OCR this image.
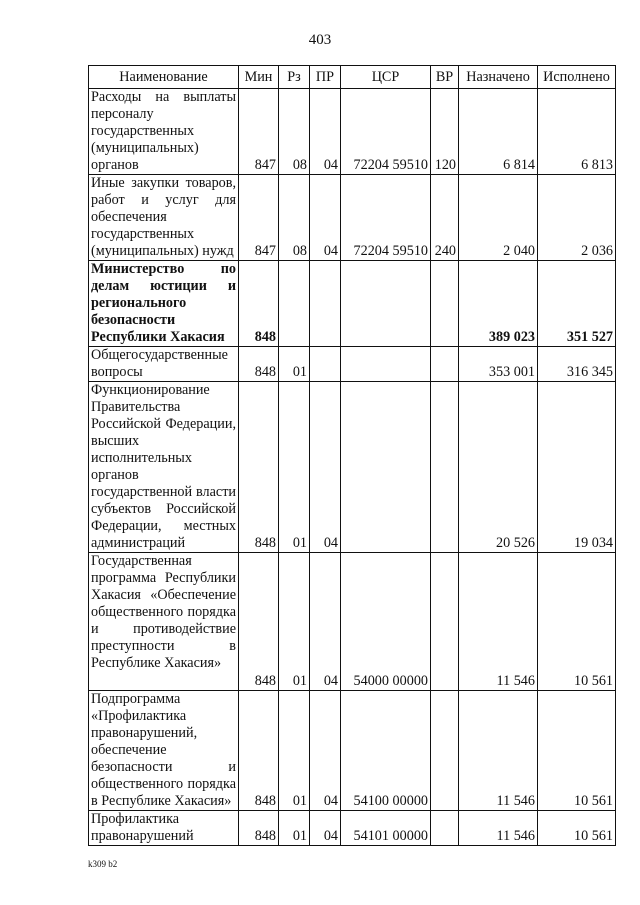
403
Наименование	Мин	Рз	ПР	ЦСР	ВР	Назначено	Исполнено
Расходы на выплаты персоналу государственных (муниципальных) органов	847	08	04	72204 59510	120	6 814	6 813
Иные закупки товаров, работ и услуг для обеспечения государственных (муниципальных) нужд	847	08	04	72204 59510	240	2 040	2 036
Министерство по делам юстиции и регионального безопасности Республики Хакасия	848					389 023	351 527
Общегосударственные вопросы	848	01				353 001	316 345
Функционирование Правительства Российской Федерации, высших исполнительных органов государственной власти субъектов Российской Федерации, местных администраций	848	01	04			20 526	19 034
Государственная программа Республики Хакасия «Обеспечение общественного порядка и противодействие преступности в Республике Хакасия»	848	01	04	54000 00000		11 546	10 561
Подпрограмма «Профилактика правонарушений, обеспечение безопасности и общественного порядка в Республике Хакасия»	848	01	04	54100 00000		11 546	10 561
Профилактика правонарушений	848	01	04	54101 00000		11 546	10 561
k309 b2
